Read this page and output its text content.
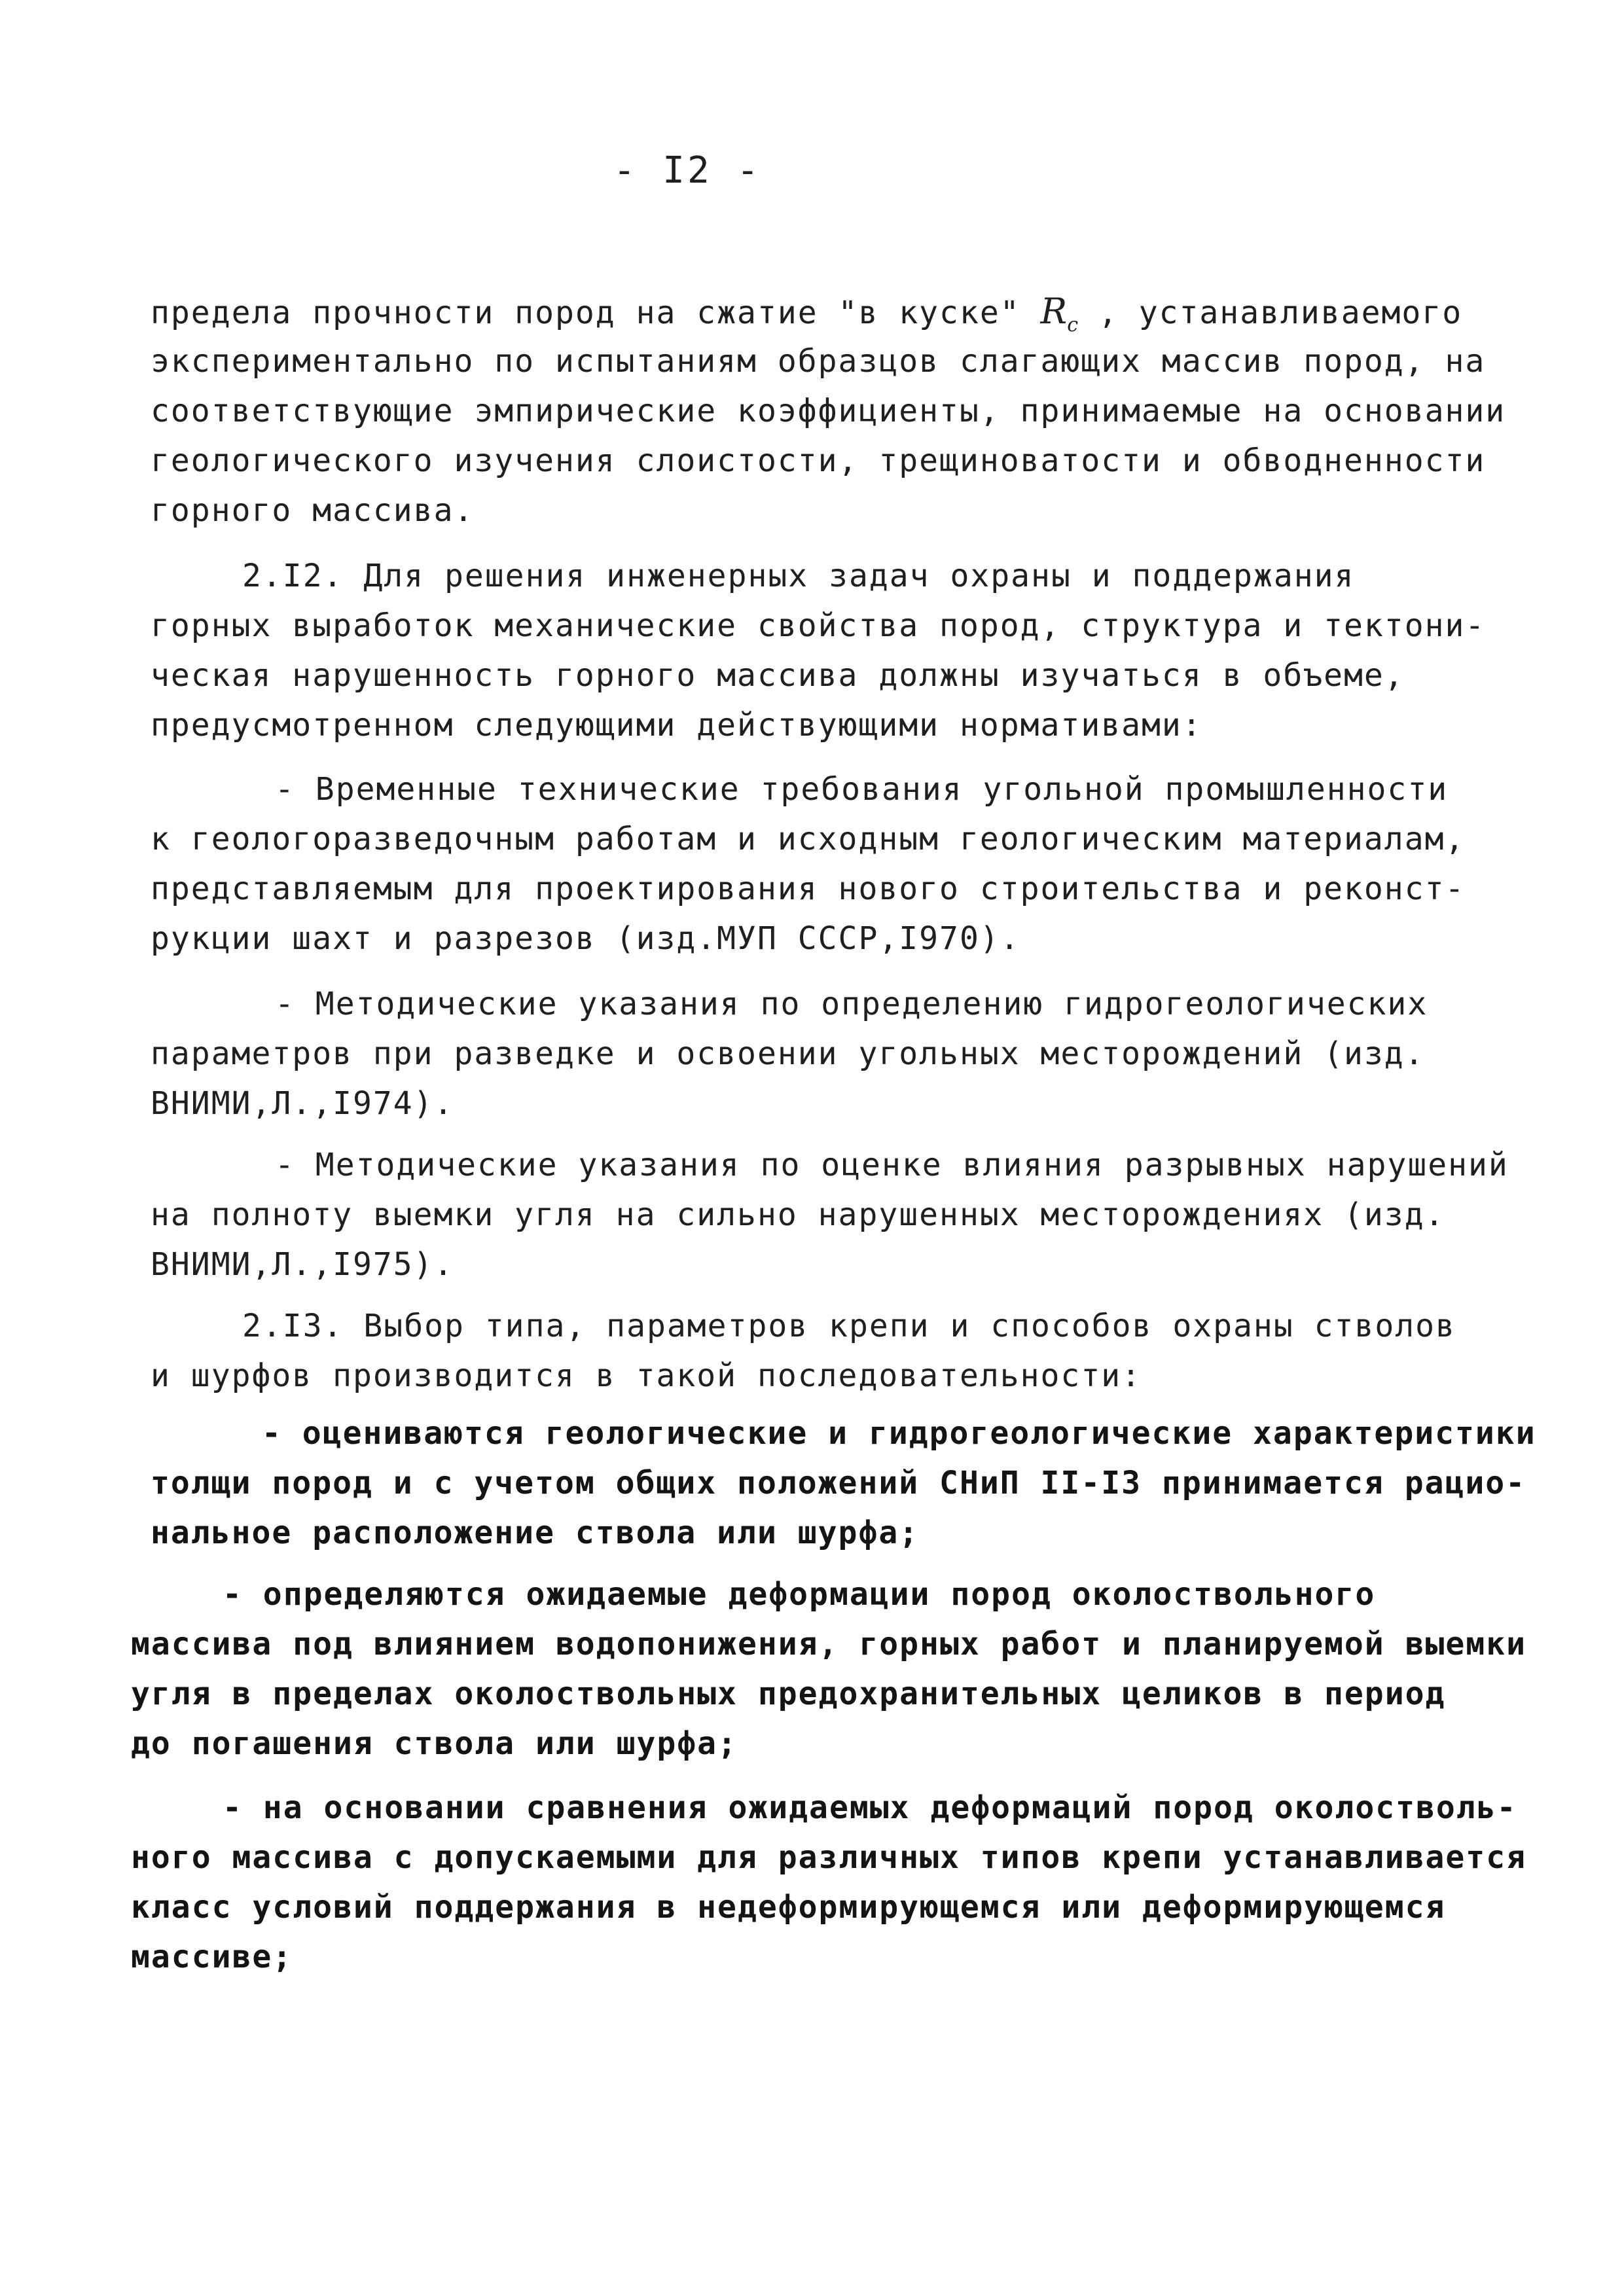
- I2 -
предела прочности пород на сжатие "в куске" $R_с$ , устанавливаемого
экспериментально по испытаниям образцов слагающих массив пород, на
соответствующие эмпирические коэффициенты, принимаемые на основании
геологического изучения слоистости, трещиноватости и обводненности
горного массива.
2.I2. Для решения инженерных задач охраны и поддержания
горных выработок механические свойства пород, структура и тектони-
ческая нарушенность горного массива должны изучаться в объеме,
предусмотренном следующими действующими нормативами:
- Временные технические требования угольной промышленности
к геологоразведочным работам и исходным геологическим материалам,
представляемым для проектирования нового строительства и реконст-
рукции шахт и разрезов (изд.МУП СССР,I970).
- Методические указания по определению гидрогеологических
параметров при разведке и освоении угольных месторождений (изд.
ВНИМИ,Л.,I974).
- Методические указания по оценке влияния разрывных нарушений
на полноту выемки угля на сильно нарушенных месторождениях (изд.
ВНИМИ,Л.,I975).
2.I3. Выбор типа, параметров крепи и способов охраны стволов
и шурфов производится в такой последовательности:
- оцениваются геологические и гидрогеологические характеристики
толщи пород и с учетом общих положений СНиП II-I3 принимается рацио-
нальное расположение ствола или шурфа;
- определяются ожидаемые деформации пород околоствольного
массива под влиянием водопонижения, горных работ и планируемой выемки
угля в пределах околоствольных предохранительных целиков в период
до погашения ствола или шурфа;
- на основании сравнения ожидаемых деформаций пород околостволь-
ного массива с допускаемыми для различных типов крепи устанавливается
класс условий поддержания в недеформирующемся или деформирующемся
массиве;
